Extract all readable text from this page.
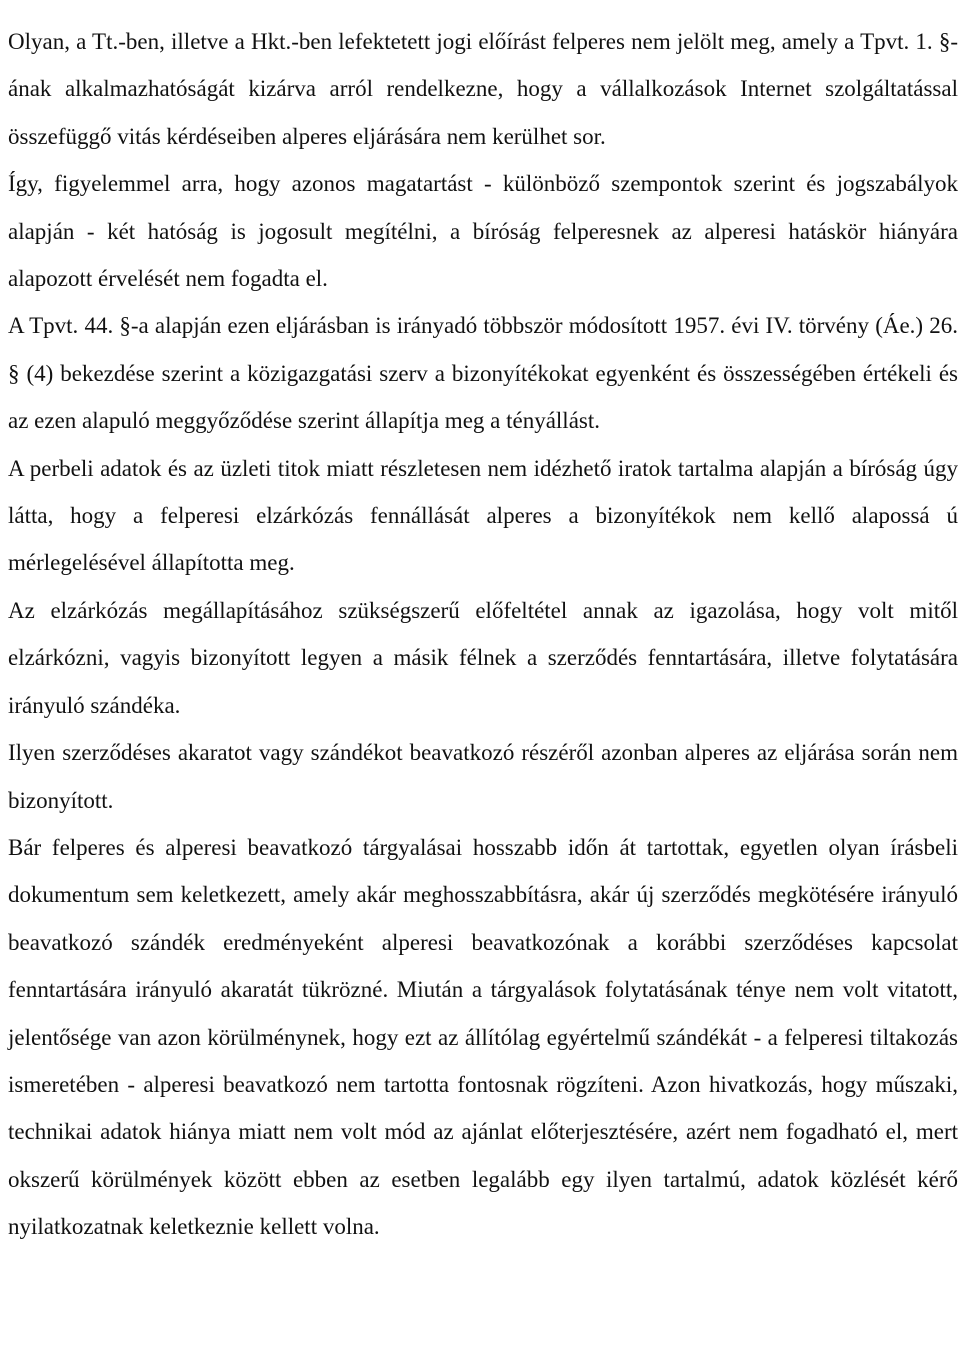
Olyan, a Tt.-ben, illetve a Hkt.-ben lefektetett jogi előírást felperes nem jelölt meg, amely a Tpvt. 1. §-ának alkalmazhatóságát kizárva arról rendelkezne, hogy a vállalkozások Internet szolgáltatással összefüggő vitás kérdéseiben alperes eljárására nem kerülhet sor.

Így, figyelemmel arra, hogy azonos magatartást - különböző szempontok szerint és jogszabályok alapján - két hatóság is jogosult megítélni, a bíróság felperesnek az alperesi hatáskör hiányára alapozott érvelését nem fogadta el.

A Tpvt. 44. §-a alapján ezen eljárásban is irányadó többször módosított 1957. évi IV. törvény (Áe.) 26. § (4) bekezdése szerint a közigazgatási szerv a bizonyítékokat egyenként és összességében értékeli és az ezen alapuló meggyőződése szerint állapítja meg a tényállást.

A perbeli adatok és az üzleti titok miatt részletesen nem idézhető iratok tartalma alapján a bíróság úgy látta, hogy a felperesi elzárkózás fennállását alperes a bizonyítékok nem kellő alapossá ú mérlegelésével állapította meg.

Az elzárkózás megállapításához szükségszerű előfeltétel annak az igazolása, hogy volt mitől elzárkózni, vagyis bizonyított legyen a másik félnek a szerződés fenntartására, illetve folytatására irányuló szándéka.

Ilyen szerződéses akaratot vagy szándékot beavatkozó részéről azonban alperes az eljárása során nem bizonyított.

Bár felperes és alperesi beavatkozó tárgyalásai hosszabb időn át tartottak, egyetlen olyan írásbeli dokumentum sem keletkezett, amely akár meghosszabbításra, akár új szerződés megkötésére irányuló beavatkozó szándék eredményeként alperesi beavatkozónak a korábbi szerződéses kapcsolat fenntartására irányuló akaratát tükrözné. Miután a tárgyalások folytatásának ténye nem volt vitatott, jelentősége van azon körülménynek, hogy ezt az állítólag egyértelmű szándékát - a felperesi tiltakozás ismeretében - alperesi beavatkozó nem tartotta fontosnak rögzíteni. Azon hivatkozás, hogy műszaki, technikai adatok hiánya miatt nem volt mód az ajánlat előterjesztésére, azért nem fogadható el, mert okszerű körülmények között ebben az esetben legalább egy ilyen tartalmú, adatok közlését kérő nyilatkozatnak keletkeznie kellett volna.
